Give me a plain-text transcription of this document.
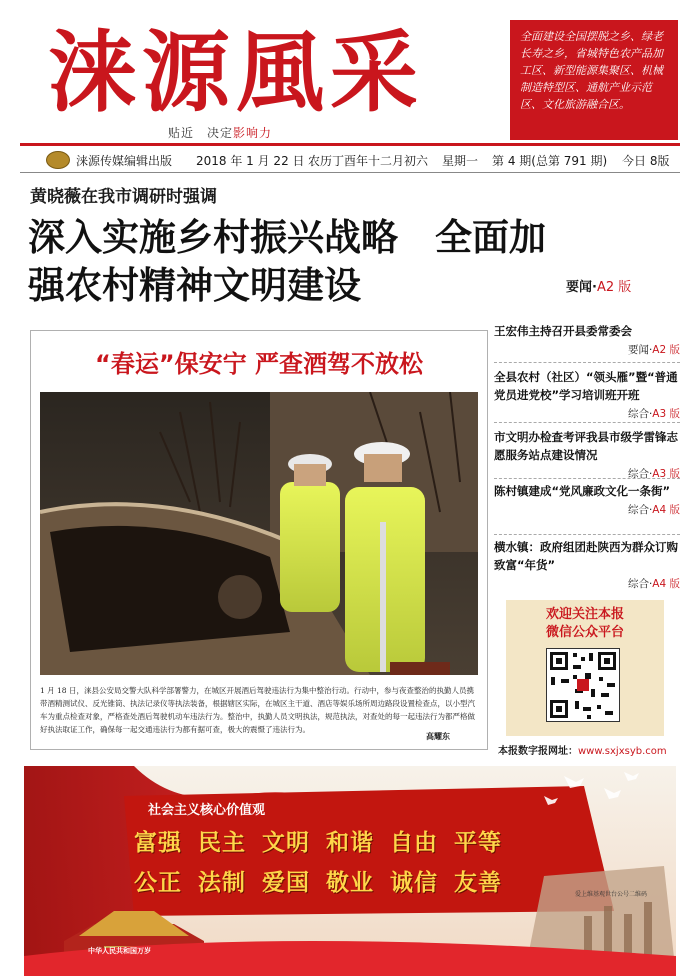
涞源風采
贴近　 决定影响力
全面建设全国摆脱之乡、绿老长寿之乡，省城特色农产品加工区、新型能源集聚区、机械制造特型区、通航产业示范区、文化旅游融合区。
涞源传媒编辑出版 2018 年 1 月 22 日 农历丁酉年十二月初六 星期一 第 4 期(总第 791 期) 今日 8版
黄晓薇在我市调研时强调
深入实施乡村振兴战略　全面加
强农村精神文明建设	要闻·A2 版
“春运”保安宁 严查酒驾不放松
1 月 18 日，涞县公安局交警大队科学部署警力，在城区开展酒后驾驶违法行为集中整治行动。行动中，参与夜查整治的执勤人员携带酒精测试仪、反光锥筒、执法记录仪等执法装备，根据辖区实际，在城区主干道、酒店等娱乐场所周边路段设置检查点，以小型汽车为重点检查对象，严格查处酒后驾驶机动车违法行为。整治中，执勤人员文明执法，规范执法，对查处的每一起违法行为都严格做好执法取证工作，确保每一起交通违法行为都有据可查，极大的震慑了违法行为。
高耀东
王宏伟主持召开县委常委会
要闻·A2 版
全县农村（社区）“领头雁”暨“普通党员进党校”学习培训班开班
综合·A3 版
市文明办检查考评我县市级学雷锋志愿服务站点建设情况
综合·A3 版
陈村镇建成“党风廉政文化一条街”
综合·A4 版
横水镇：政府组团赴陕西为群众订购致富“年货”
综合·A4 版
欢迎关注本报
微信公众平台
本报数字报网址：www.sxjxsyb.com
社会主义核心价值观
富强 民主 文明 和谐 自由 平等
公正 法制 爱国 敬业 诚信 友善	爱上维基观世台公号二维码
中华人民共和国万岁
